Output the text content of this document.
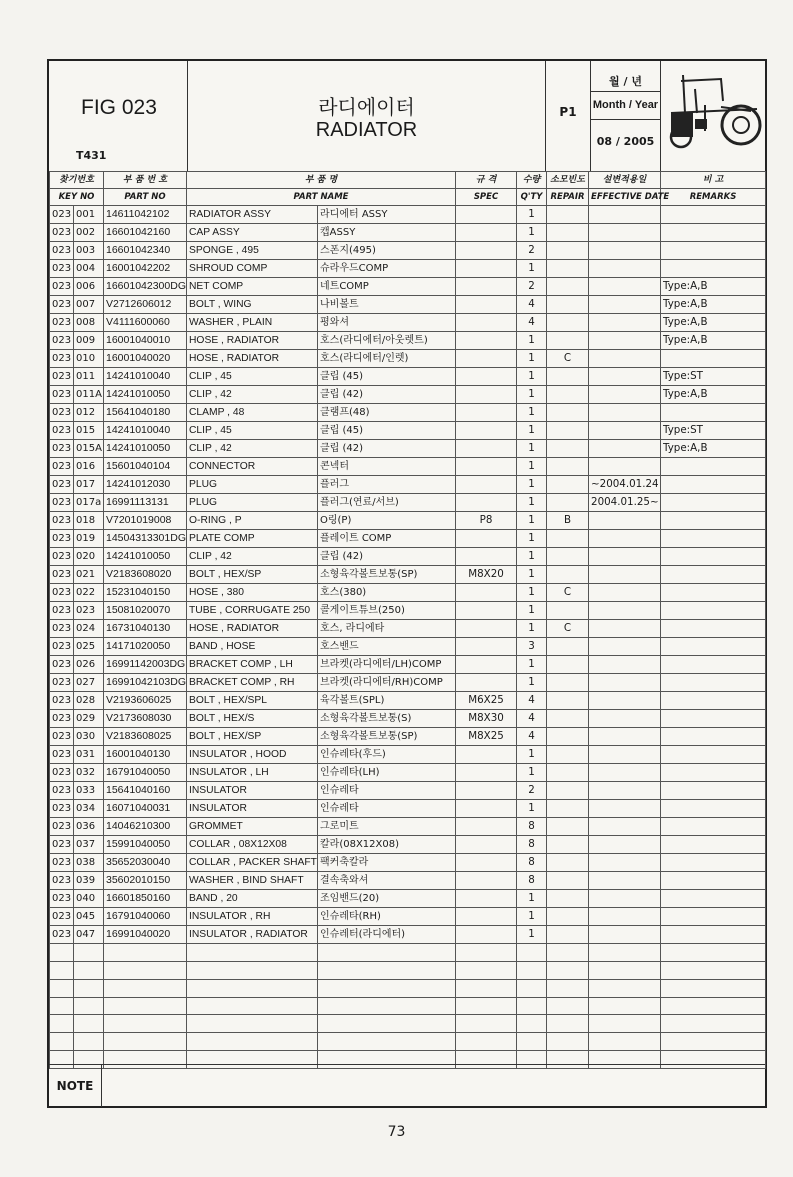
FIG 023
T431
라디에이터
RADIATOR
P1
월 / 년
Month / Year
08 / 2005
찾기번호		부 품 번 호	부 품 명		규 격	수량	소모빈도	설변적용일	비 고
KEY NO		PART NO	PART NAME		SPEC	Q'TY	REPAIR	EFFECTIVE DATE	REMARKS
023	001	14611042102	RADIATOR ASSY	라디에터 ASSY		1			
023	002	16601042160	CAP ASSY	캡ASSY		1			
023	003	16601042340	SPONGE , 495	스폰지(495)		2			
023	004	16001042202	SHROUD COMP	슈라우드COMP		1			
023	006	16601042300DG	NET COMP	네트COMP		2			Type:A,B
023	007	V2712606012	BOLT , WING	나비볼트		4			Type:A,B
023	008	V4111600060	WASHER , PLAIN	평와셔		4			Type:A,B
023	009	16001040010	HOSE , RADIATOR	호스(라디에터/아웃렛트)		1			Type:A,B
023	010	16001040020	HOSE , RADIATOR	호스(라디에터/인렛)		1	C		
023	011	14241010040	CLIP , 45	클립 (45)		1			Type:ST
023	011A	14241010050	CLIP , 42	클립 (42)		1			Type:A,B
023	012	15641040180	CLAMP , 48	클램프(48)		1			
023	015	14241010040	CLIP , 45	클립 (45)		1			Type:ST
023	015A	14241010050	CLIP , 42	클립 (42)		1			Type:A,B
023	016	15601040104	CONNECTOR	콘넥터		1			
023	017	14241012030	PLUG	플러그		1		~2004.01.24	
023	017a	16991113131	PLUG	플러그(연료/서브)		1		2004.01.25~	
023	018	V7201019008	O-RING , P	O링(P)	P8	1	B		
023	019	14504313301DG	PLATE COMP	플레이트 COMP		1			
023	020	14241010050	CLIP , 42	클립 (42)		1			
023	021	V2183608020	BOLT , HEX/SP	소형육각볼트보통(SP)	M8X20	1			
023	022	15231040150	HOSE , 380	호스(380)		1	C		
023	023	15081020070	TUBE , CORRUGATE 250	콜게이트튜브(250)		1			
023	024	16731040130	HOSE , RADIATOR	호스, 라디에타		1	C		
023	025	14171020050	BAND , HOSE	호스밴드		3			
023	026	16991142003DG	BRACKET COMP , LH	브라켓(라디에터/LH)COMP		1			
023	027	16991042103DG	BRACKET COMP , RH	브라켓(라디에터/RH)COMP		1			
023	028	V2193606025	BOLT , HEX/SPL	육각볼트(SPL)	M6X25	4			
023	029	V2173608030	BOLT , HEX/S	소형육각볼트보통(S)	M8X30	4			
023	030	V2183608025	BOLT , HEX/SP	소형육각볼트보통(SP)	M8X25	4			
023	031	16001040130	INSULATOR , HOOD	인슈레타(후드)		1			
023	032	16791040050	INSULATOR , LH	인슈레타(LH)		1			
023	033	15641040160	INSULATOR	인슈레타		2			
023	034	16071040031	INSULATOR	인슈레타		1			
023	036	14046210300	GROMMET	그로미트		8			
023	037	15991040050	COLLAR , 08X12X08	칼라(08X12X08)		8			
023	038	35652030040	COLLAR , PACKER SHAFT	팩커축칼라		8			
023	039	35602010150	WASHER , BIND SHAFT	결속축와셔		8			
023	040	16601850160	BAND , 20	조임밴드(20)		1			
023	045	16791040060	INSULATOR , RH	인슈레타(RH)		1			
023	047	16991040020	INSULATOR , RADIATOR	인슈레터(라디에터)		1			

NOTE
73
